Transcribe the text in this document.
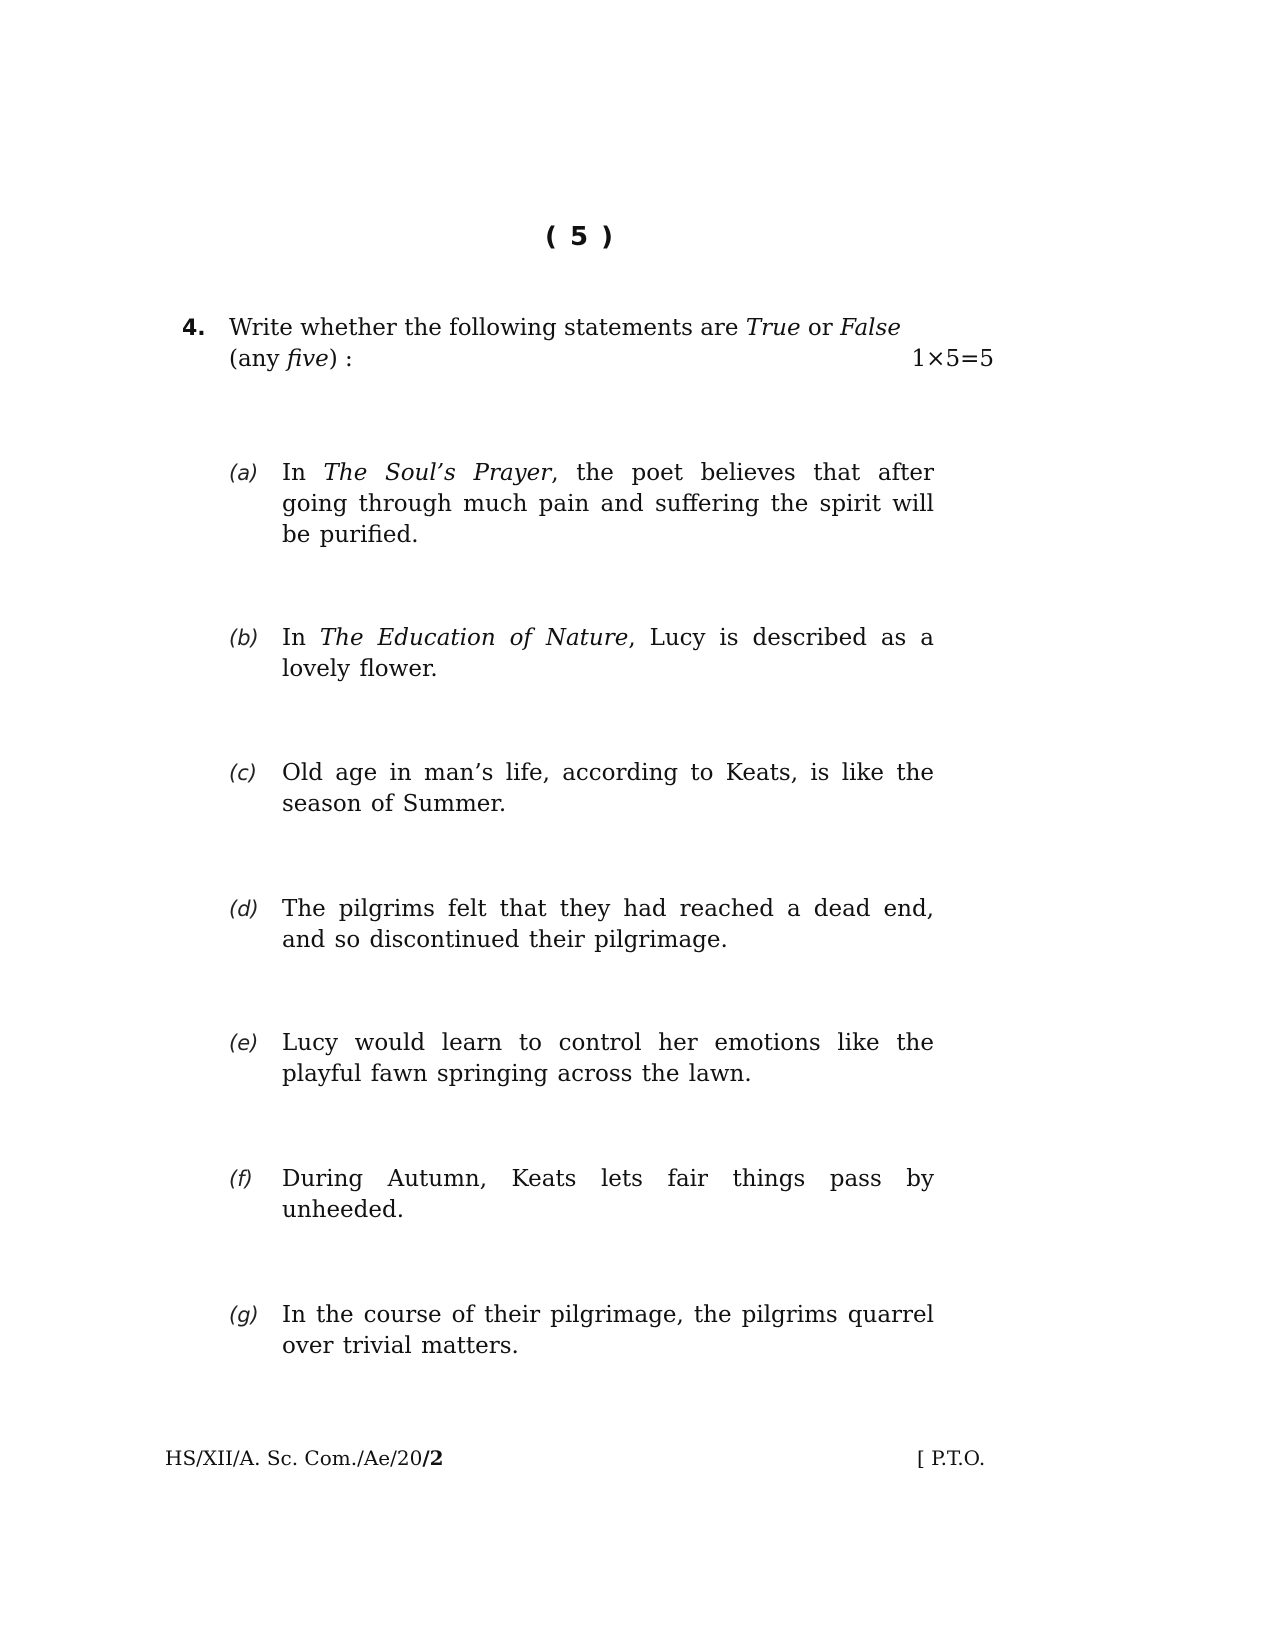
( 5 )
4. Write whether the following statements are True or False
(any five) :	1×5=5
(a) In The Soul’s Prayer, the poet believes that after going through much pain and suffering the spirit will be purified.
(b) In The Education of Nature, Lucy is described as a lovely flower.
(c) Old age in man’s life, according to Keats, is like the season of Summer.
(d) The pilgrims felt that they had reached a dead end, and so discontinued their pilgrimage.
(e) Lucy would learn to control her emotions like the playful fawn springing across the lawn.
(f) During Autumn, Keats lets fair things pass by unheeded.
(g) In the course of their pilgrimage, the pilgrims quarrel over trivial matters.
HS/XII/A. Sc. Com./Ae/20/2	[ P.T.O.
